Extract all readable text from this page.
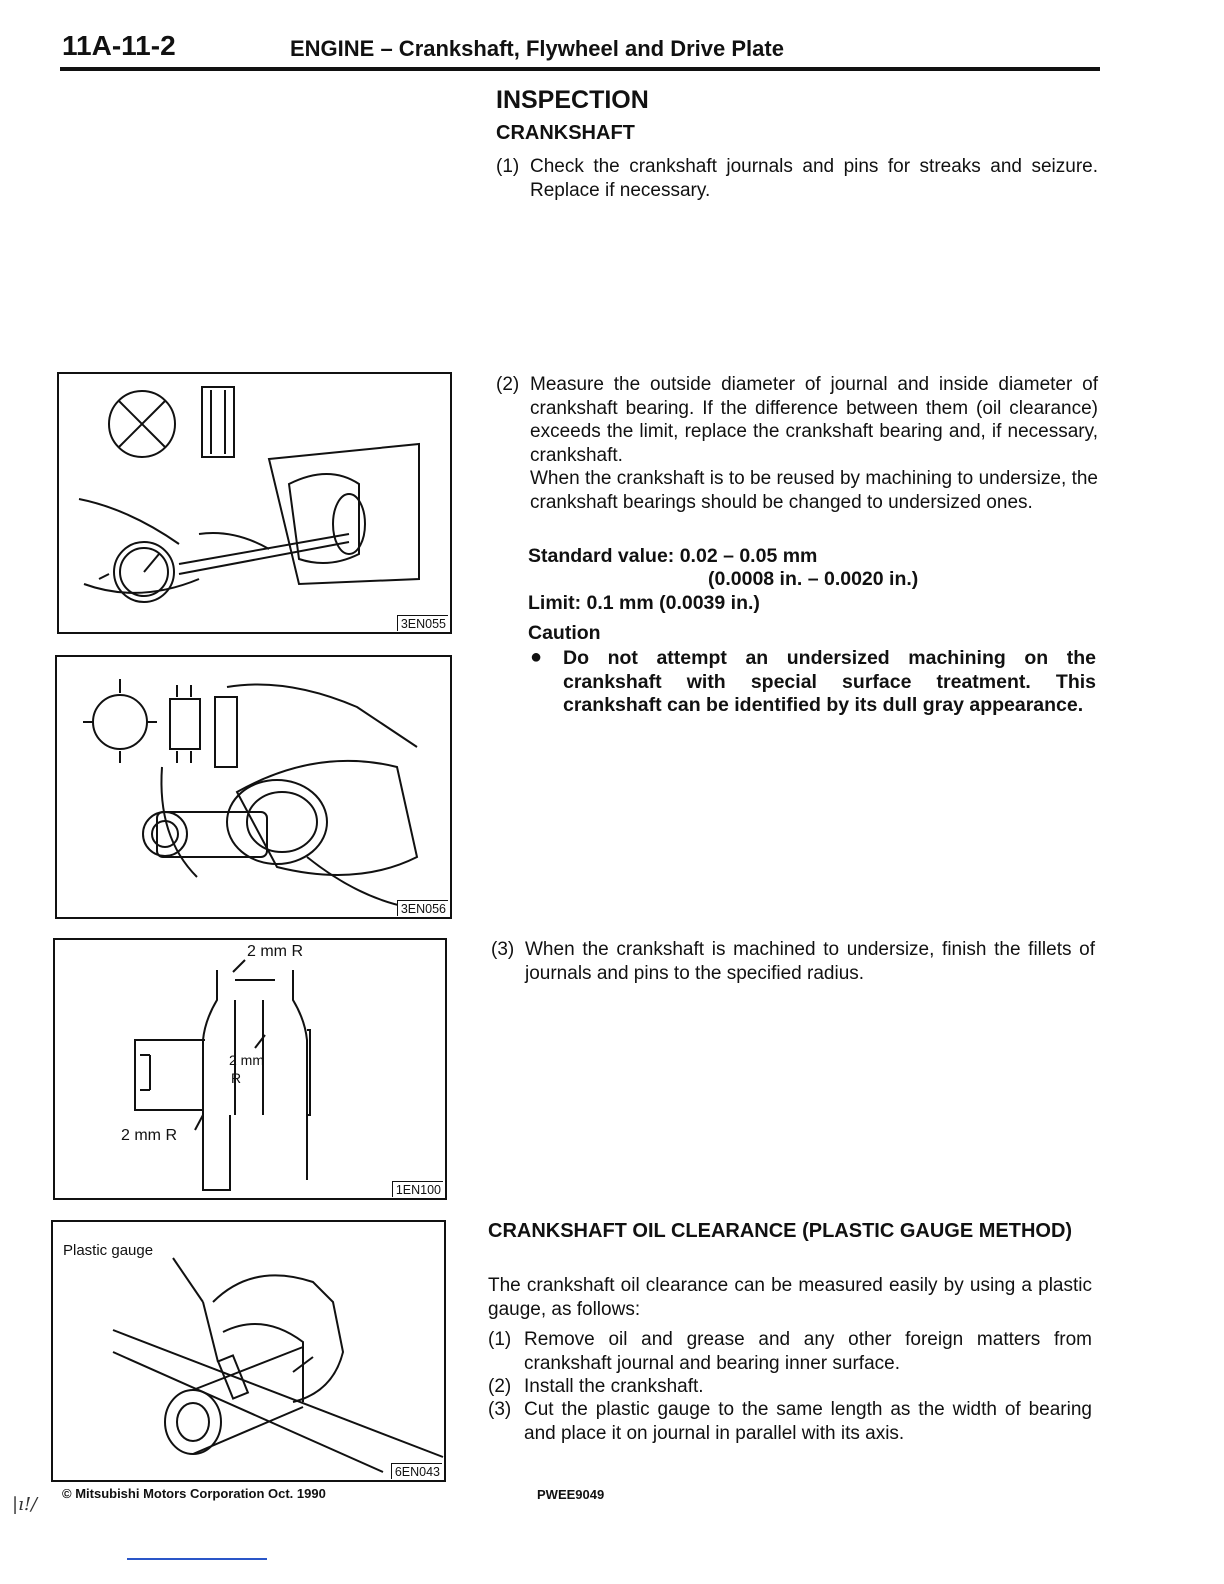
11A-11-2	ENGINE – Crankshaft, Flywheel and Drive Plate
INSPECTION
CRANKSHAFT
(1) Check the crankshaft journals and pins for streaks and seizure. Replace if necessary.
(2) Measure the outside diameter of journal and inside diameter of crankshaft bearing. If the difference between them (oil clearance) exceeds the limit, replace the crankshaft bearing and, if necessary, crankshaft.
When the crankshaft is to be reused by machining to undersize, the crankshaft bearings should be changed to undersized ones.
Standard value: 0.02 – 0.05 mm
(0.0008 in. – 0.0020 in.)
Limit: 0.1 mm (0.0039 in.)
Caution
● Do not attempt an undersized machining on the crankshaft with special surface treatment. This crankshaft can be identified by its dull gray appearance.
(3) When the crankshaft is machined to undersize, finish the fillets of journals and pins to the specified radius.
CRANKSHAFT OIL CLEARANCE (PLASTIC GAUGE METHOD)
The crankshaft oil clearance can be measured easily by using a plastic gauge, as follows:
(1) Remove oil and grease and any other foreign matters from crankshaft journal and bearing inner surface.
(2) Install the crankshaft.
(3) Cut the plastic gauge to the same length as the width of bearing and place it on journal in parallel with its axis.
3EN055
3EN056
2 mm R
2 mm
R
2 mm R
1EN100
Plastic gauge
6EN043
© Mitsubishi Motors Corporation Oct. 1990	PWEE9049
|ı!/
